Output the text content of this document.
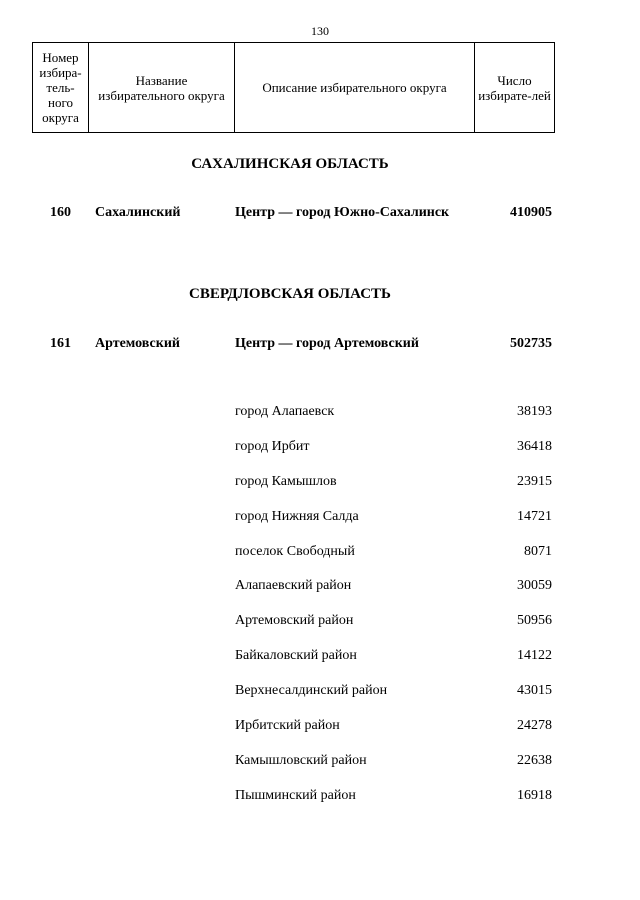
130
Номер избира-тель-ного округа	Название избирательного округа	Описание избирательного округа	Число избирате-лей
САХАЛИНСКАЯ ОБЛАСТЬ
160 Сахалинский	Центр — город Южно-Сахалинск	410905
СВЕРДЛОВСКАЯ ОБЛАСТЬ
161 Артемовский	Центр — город Артемовский	502735
город Алапаевск	38193
город Ирбит	36418
город Камышлов	23915
город Нижняя Салда	14721
поселок Свободный	8071
Алапаевский район	30059
Артемовский район	50956
Байкаловский район	14122
Верхнесалдинский район	43015
Ирбитский район	24278
Камышловский район	22638
Пышминский район	16918
